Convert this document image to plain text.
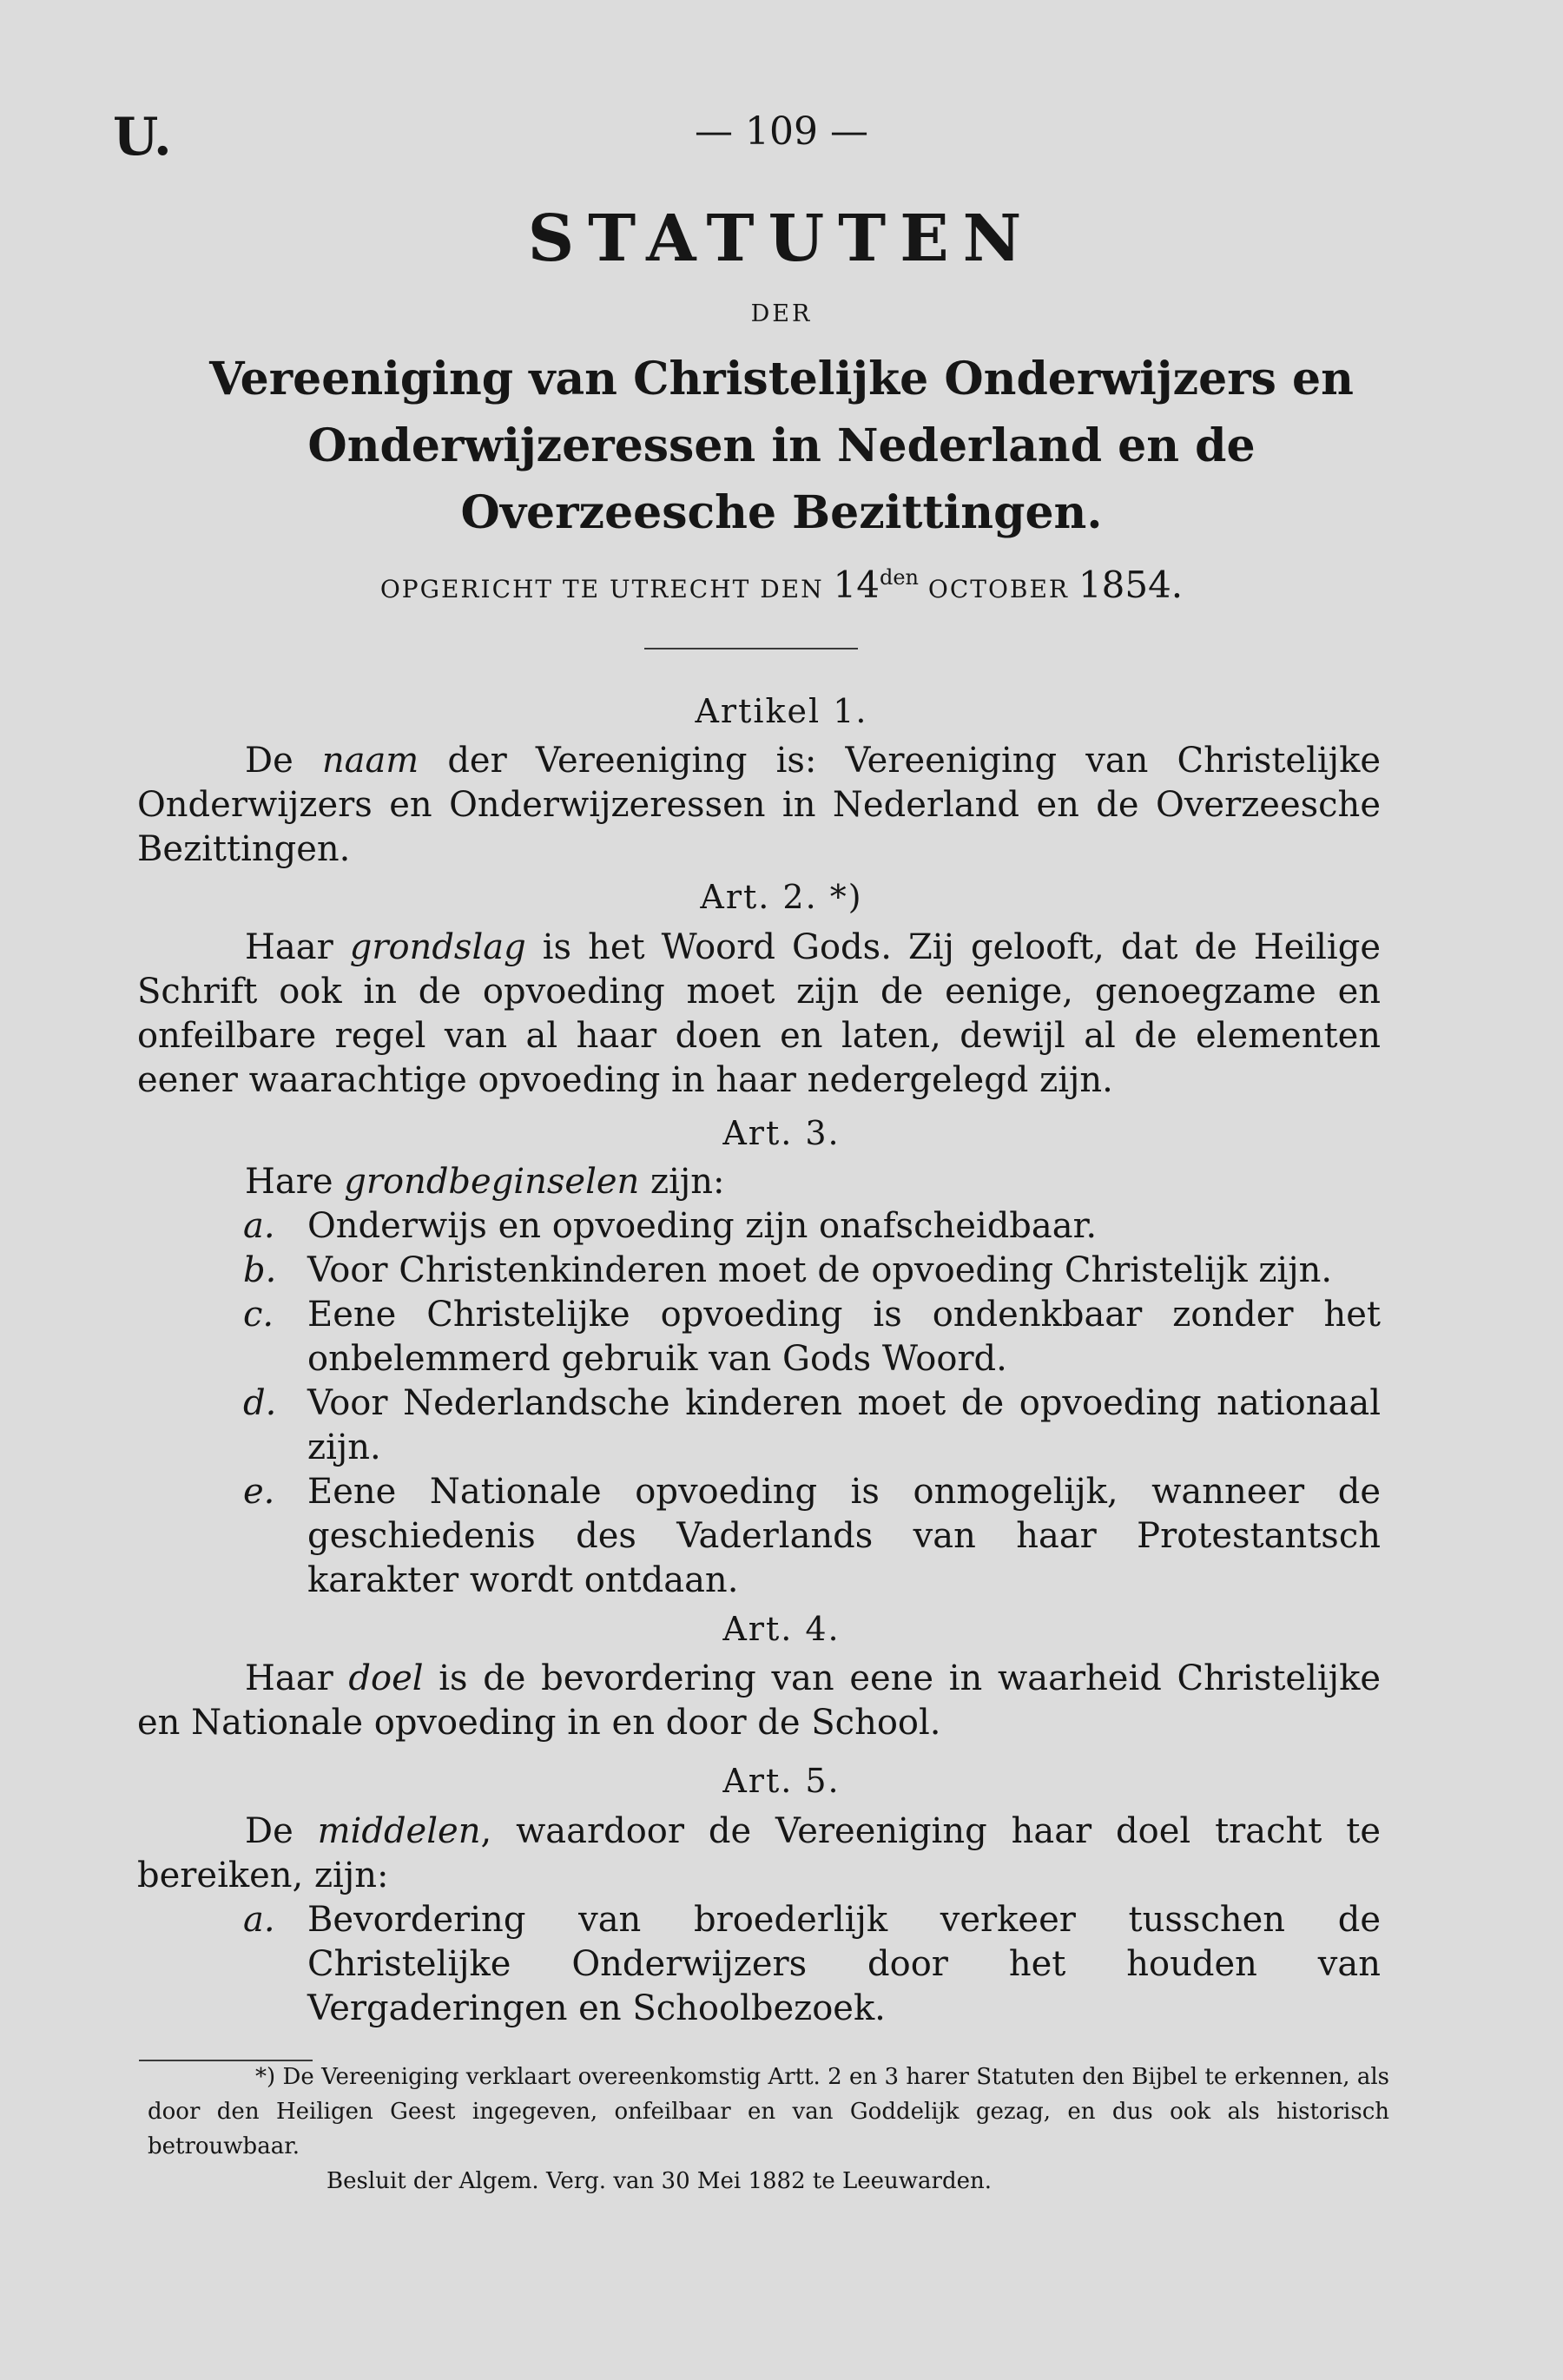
U.	— 109 —
STATUTEN
DER
Vereeniging van Christelijke Onderwijzers en
Onderwijzeressen in Nederland en de
Overzeesche Bezittingen.
OPGERICHT TE UTRECHT DEN $14^{den}$ OCTOBER 1854.
Artikel 1.

De naam der Vereeniging is: Vereeniging van Christelijke Onderwijzers en Onderwijzeressen in Nederland en de Overzeesche Bezittingen.

Art. 2. *)

Haar grondslag is het Woord Gods. Zij gelooft, dat de Heilige Schrift ook in de opvoeding moet zijn de eenige, genoegzame en onfeilbare regel van al haar doen en laten, dewijl al de elementen eener waarachtige opvoeding in haar nedergelegd zijn.

Art. 3.

Hare grondbeginselen zijn:

a. Onderwijs en opvoeding zijn onafscheidbaar.
b. Voor Christenkinderen moet de opvoeding Christelijk zijn.
c. Eene Christelijke opvoeding is ondenkbaar zonder het onbelemmerd gebruik van Gods Woord.
d. Voor Nederlandsche kinderen moet de opvoeding nationaal zijn.
e. Eene Nationale opvoeding is onmogelijk, wanneer de geschiedenis des Vaderlands van haar Protestantsch karakter wordt ontdaan.
Art. 4.

Haar doel is de bevordering van eene in waarheid Christelijke en Nationale opvoeding in en door de School.

Art. 5.

De middelen, waardoor de Vereeniging haar doel tracht te bereiken, zijn:

a. Bevordering van broederlijk verkeer tusschen de Christelijke Onderwijzers door het houden van Vergaderingen en Schoolbezoek.

*) De Vereeniging verklaart overeenkomstig Artt. 2 en 3 harer Statuten den Bijbel te erkennen, als door den Heiligen Geest ingegeven, onfeilbaar en van Goddelijk gezag, en dus ook als historisch betrouwbaar.

Besluit der Algem. Verg. van 30 Mei 1882 te Leeuwarden.
